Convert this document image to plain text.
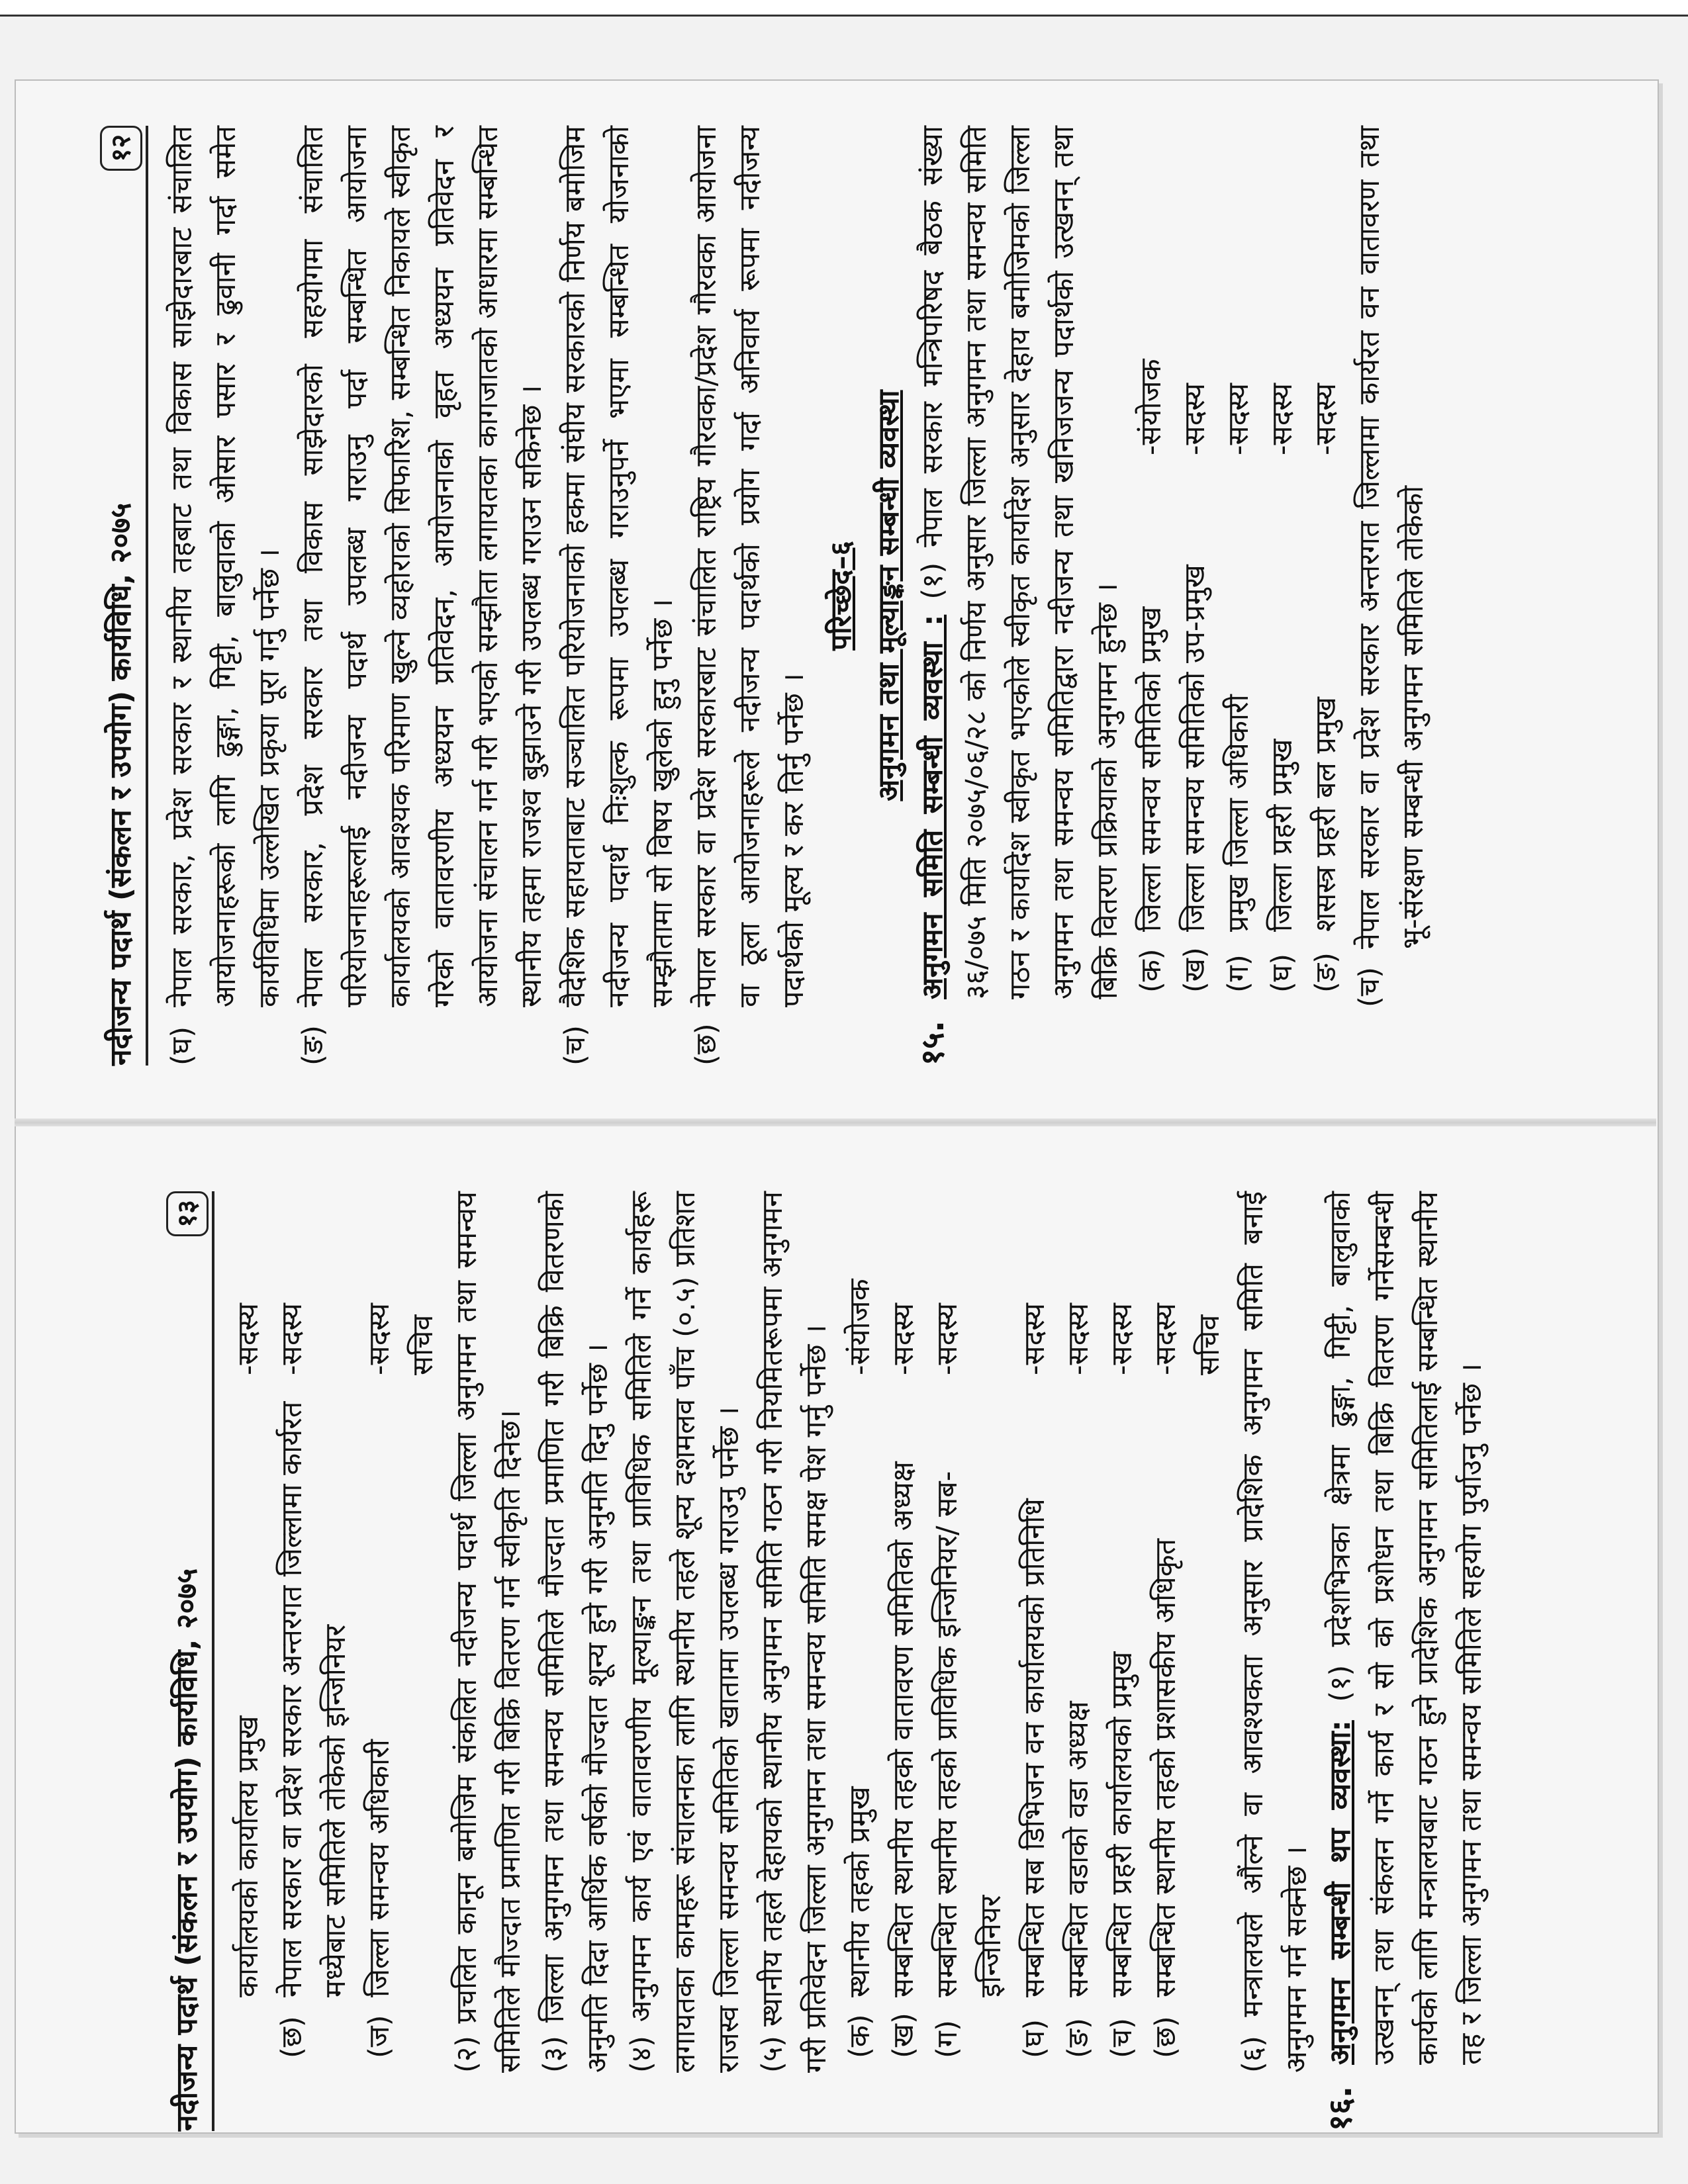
नदीजन्य पदार्थ (संकलन र उपयोग) कार्यविधि, २०७५
१२
(घ)
नेपाल सरकार, प्रदेश सरकार र स्थानीय तहबाट तथा विकास साझेदारबाट संचालित आयोजनाहरूको लागि ढुङ्गा, गिट्टी, बालुवाको ओसार पसार र ढुवानी गर्दा समेत कार्यविधिमा उल्लेखित प्रकृया पूरा गर्नु पर्नेछ ।
(ङ)
नेपाल सरकार, प्रदेश सरकार तथा विकास साझेदारको सहयोगमा संचालित परियोजनाहरूलाई नदीजन्य पदार्थ उपलब्ध गराउनु पर्दा सम्बन्धित आयोजना कार्यालयको आवश्यक परिमाण खुल्ने व्यहोराको सिफारिश, सम्बन्धित निकायले स्वीकृत गरेको वातावरणीय अध्ययन प्रतिवेदन, आयोजनाको वृहत अध्ययन प्रतिवेदन र आयोजना संचालन गर्न गरी भएको सम्झौता लगायतका कागजातको आधारमा सम्बन्धित स्थानीय तहमा राजश्व बुझाउने गरी उपलब्ध गराउन सकिनेछ ।
(च)
वैदेशिक सहायताबाट सञ्चालित परियोजनाको हकमा संघीय सरकारको निर्णय बमोजिम नदीजन्य पदार्थ निःशुल्क रूपमा उपलब्ध गराउनुपर्ने भएमा सम्बन्धित योजनाको सम्झौतामा सो विषय खुलेको हुनु पर्नेछ ।
(छ)
नेपाल सरकार वा प्रदेश सरकारबाट संचालित राष्ट्रिय गौरवका/प्रदेश गौरवका आयोजना वा ठूला आयोजनाहरूले नदीजन्य पदार्थको प्रयोग गर्दा अनिवार्य रूपमा नदीजन्य पदार्थको मूल्य र कर तिर्नु पर्नेछ ।

परिच्छेद–६ अनुगमन तथा मूल्याङ्कन सम्बन्धी व्यवस्था

१५.
अनुगमन समिति सम्बन्धी व्यवस्था : (१) नेपाल सरकार मन्त्रिपरिषद बैठक संख्या ३६/०७५ मिति २०७५/०६/२८ को निर्णय अनुसार जिल्ला अनुगमन तथा समन्वय समिति गठन र कार्यादेश स्वीकृत भएकोले स्वीकृत कार्यादेश अनुसार देहाय बमोजिमको जिल्ला अनुगमन तथा समन्वय समितिद्वारा नदीजन्य तथा खनिजजन्य पदार्थको उत्खनन् तथा बिक्रि वितरण प्रक्रियाको अनुगमन हुनेछ । (क)
जिल्ला समन्वय समितिको प्रमुख
-संयोजक
(ख)
जिल्ला समन्वय समितिको उप-प्रमुख
-सदस्य
(ग)
प्रमुख जिल्ला अधिकारी
-सदस्य
(घ)
जिल्ला प्रहरी प्रमुख
-सदस्य
(ङ)
शसस्त्र प्रहरी बल प्रमुख
-सदस्य
(च)
नेपाल सरकार वा प्रदेश सरकार अन्तरगत जिल्लामा कार्यरत वन वातावरण तथा भू-संरक्षण सम्बन्धी अनुगमन समितिले तोकेको
नदीजन्य पदार्थ (संकलन र उपयोग) कार्यविधि, २०७५
१३
कार्यालयको कार्यालय प्रमुख
-सदस्य
(छ)
नेपाल सरकार वा प्रदेश सरकार अन्तरगत जिल्लामा कार्यरत मध्येबाट समितिले तोकेको इन्जिनियर
-सदस्य
(ज)
जिल्ला समन्वय अधिकारी
-सदस्य सचिव (२) प्रचलित कानून बमोजिम संकलित नदीजन्य पदार्थ जिल्ला अनुगमन तथा समन्वय समितिले मौज्दात प्रमाणित गरी बिक्रि वितरण गर्न स्वीकृति दिनेछ। (३) जिल्ला अनुगमन तथा समन्वय समितिले मौज्दात प्रमाणित गरी बिक्रि वितरणको अनुमति दिदा आर्थिक वर्षको मौज्दात शून्य हुने गरी अनुमति दिनु पर्नेछ । (४) अनुगमन कार्य एवं वातावरणीय मूल्याङ्कन तथा प्राविधिक समितिले गर्ने कार्यहरू लगायतका कामहरू संचालनका लागि स्थानीय तहले शून्य दशमलव पाँच (०.५) प्रतिशत राजस्व जिल्ला समन्वय समितिको खातामा उपलब्ध गराउनु पर्नेछ । (५) स्थानीय तहले देहायको स्थानीय अनुगमन समिति गठन गरी नियमितरूपमा अनुगमन गरी प्रतिवेदन जिल्ला अनुगमन तथा समन्वय समिति समक्ष पेश गर्नु पर्नेछ । (क)
स्थानीय तहको प्रमुख
-संयोजक
(ख)
सम्बन्धित स्थानीय तहको वातावरण समितिको अध्यक्ष
-सदस्य
(ग)
सम्बन्धित स्थानीय तहको प्राविधिक इन्जिनियर/ सब-इन्जिनियर
-सदस्य
(घ)
सम्बन्धित सब डिभिजन वन कार्यालयको प्रतिनिधि
-सदस्य
(ङ)
सम्बन्धित वडाको वडा अध्यक्ष
-सदस्य
(च)
सम्बन्धित प्रहरी कार्यालयको प्रमुख
-सदस्य
(छ)
सम्बन्धित स्थानीय तहको प्रशासकीय अधिकृत
-सदस्य सचिव (६) मन्त्रालयले औंल्ने वा आवश्यकता अनुसार प्रादेशिक अनुगमन समिति बनाई अनुगमन गर्न सक्नेछ ।

१६.
अनुगमन सम्बन्धी थप व्यवस्था: (१) प्रदेशभित्रका क्षेत्रमा ढुङ्गा, गिट्टी, बालुवाको उत्खनन् तथा संकलन गर्ने कार्य र सो को प्रशोधन तथा बिक्रि वितरण गर्नेसम्बन्धी कार्यको लागि मन्त्रालयबाट गठन हुने प्रादेशिक अनुगमन समितिलाई सम्बन्धित स्थानीय तह र जिल्ला अनुगमन तथा समन्वय समितिले सहयोग पुर्याउनु पर्नेछ ।
